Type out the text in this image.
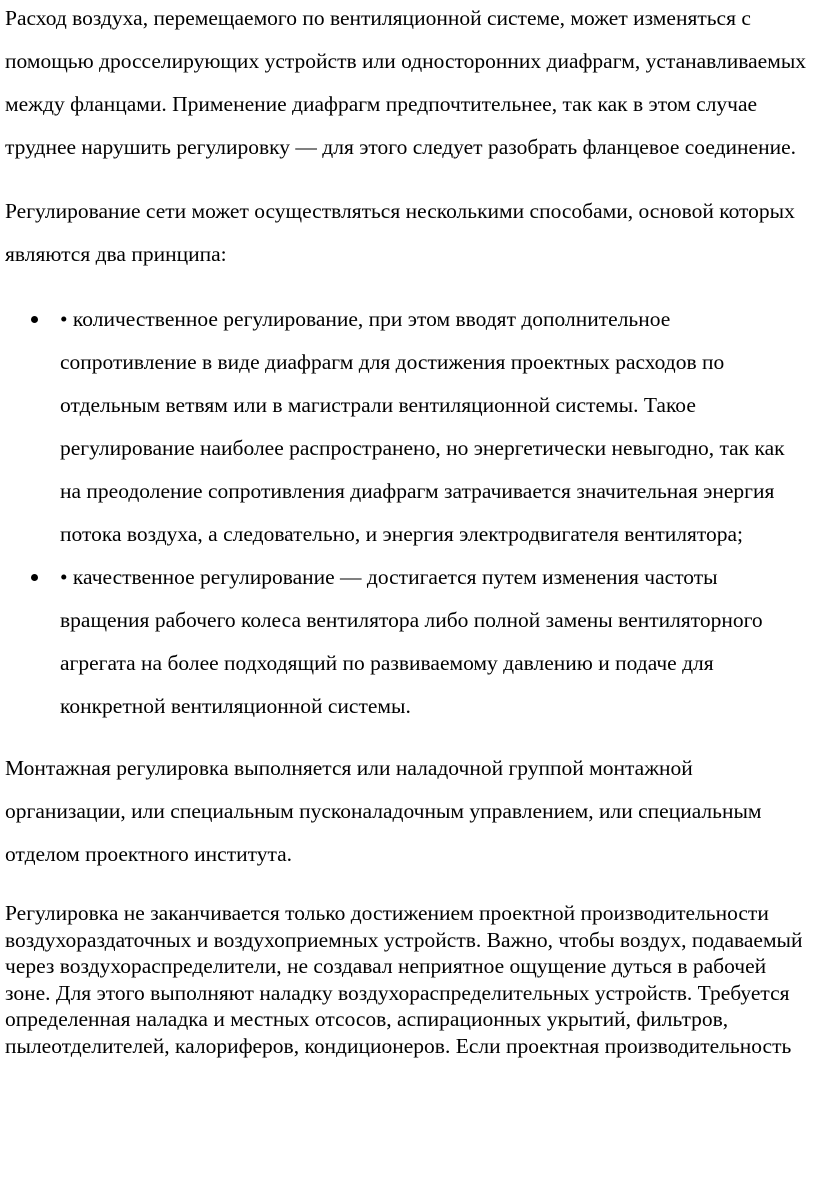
Расход воздуха, перемещаемого по вентиляционной системе, может изменяться с помощью дросселирующих устройств или односторонних диафрагм, устанавливаемых между фланцами. Применение диафрагм предпочтительнее, так как в этом случае труднее нарушить регулировку — для этого следует разобрать фланцевое соединение.

Регулирование сети может осуществляться несколькими способами, основой которых являются два принципа:

• количественное регулирование, при этом вводят дополнительное сопротивление в виде диафрагм для достижения проектных расходов по отдельным ветвям или в магистрали вентиляционной системы. Такое регулирование наиболее распространено, но энергетически невыгодно, так как на преодоление сопротивления диафрагм затрачивается значительная энергия потока воздуха, а следовательно, и энергия электродвигателя вентилятора;
• качественное регулирование — достигается путем изменения частоты вращения рабочего колеса вентилятора либо полной замены вентиляторного агрегата на более подходящий по развиваемому давлению и подаче для конкретной вентиляционной системы.

Монтажная регулировка выполняется или наладочной группой монтажной организации, или специальным пусконаладочным управлением, или специальным отделом проектного института.

Регулировка не заканчивается только достижением проектной производительности воздухораздаточных и воздухоприемных устройств. Важно, чтобы воздух, подаваемый через воздухораспределители, не создавал неприятное ощущение дуться в рабочей зоне. Для этого выполняют наладку воздухораспределительных устройств. Требуется определенная наладка и местных отсосов, аспирационных укрытий, фильтров, пылеотделителей, калориферов, кондиционеров. Если проектная производительность
